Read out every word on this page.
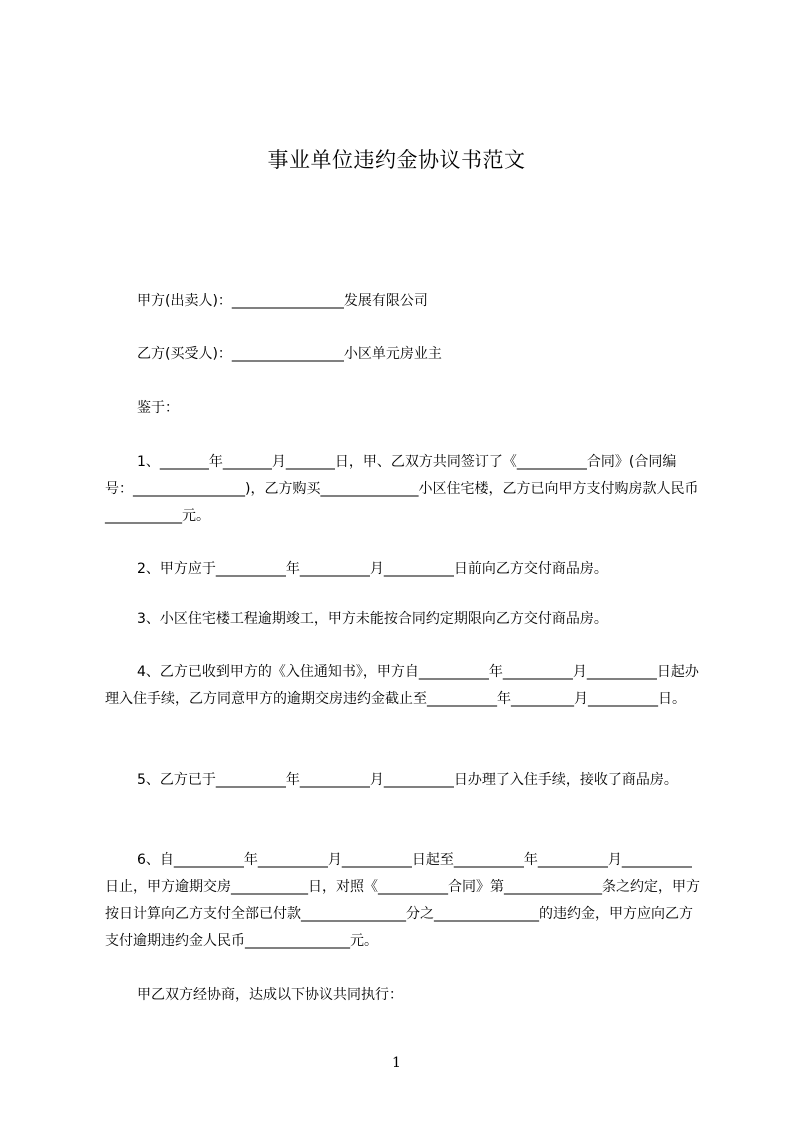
事业单位违约金协议书范文
甲方(出卖人)：________________发展有限公司
乙方(买受人)：________________小区单元房业主
鉴于：
1、_______年_______月_______日，甲、乙双方共同签订了《__________合同》(合同编号：________________)，乙方购买______________小区住宅楼，乙方已向甲方支付购房款人民币___________元。
2、甲方应于__________年__________月__________日前向乙方交付商品房。
3、小区住宅楼工程逾期竣工，甲方未能按合同约定期限向乙方交付商品房。
4、乙方已收到甲方的《入住通知书》，甲方自__________年__________月__________日起办理入住手续，乙方同意甲方的逾期交房违约金截止至__________年_________月__________日。
5、乙方已于__________年__________月__________日办理了入住手续，接收了商品房。
6、自__________年__________月__________日起至__________年__________月__________日止，甲方逾期交房___________日，对照《__________合同》第______________条之约定，甲方按日计算向乙方支付全部已付款_______________分之_______________的违约金，甲方应向乙方支付逾期违约金人民币_______________元。
甲乙双方经协商，达成以下协议共同执行：
1
